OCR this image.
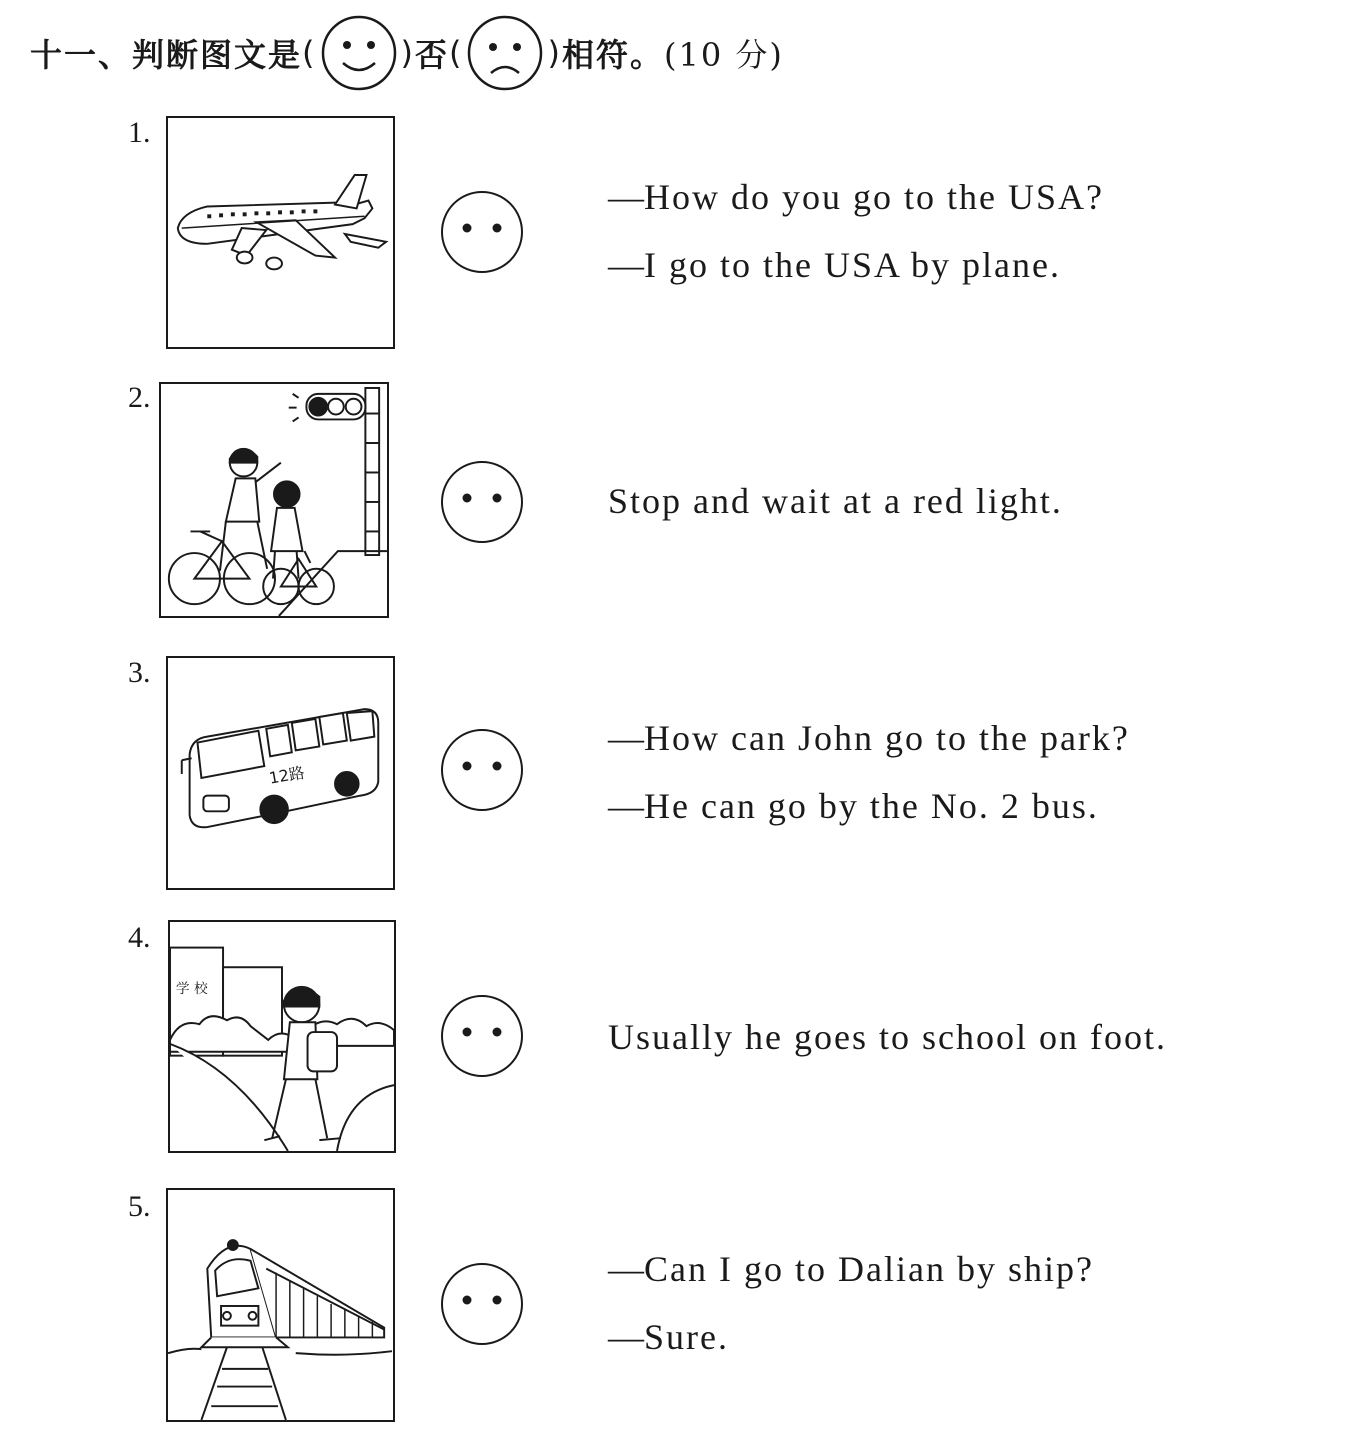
十一、判断图文是 (	) 否 (	) 相符。 (10 分)
1.
—How do you go to the USA?
—I go to the USA by plane.
2.
Stop and wait at a red light.
3.
12路
—How can John go to the park?
—He can go by the No. 2 bus.
4.
学 校
Usually he goes to school on foot.
5.
—Can I go to Dalian by ship?
—Sure.
